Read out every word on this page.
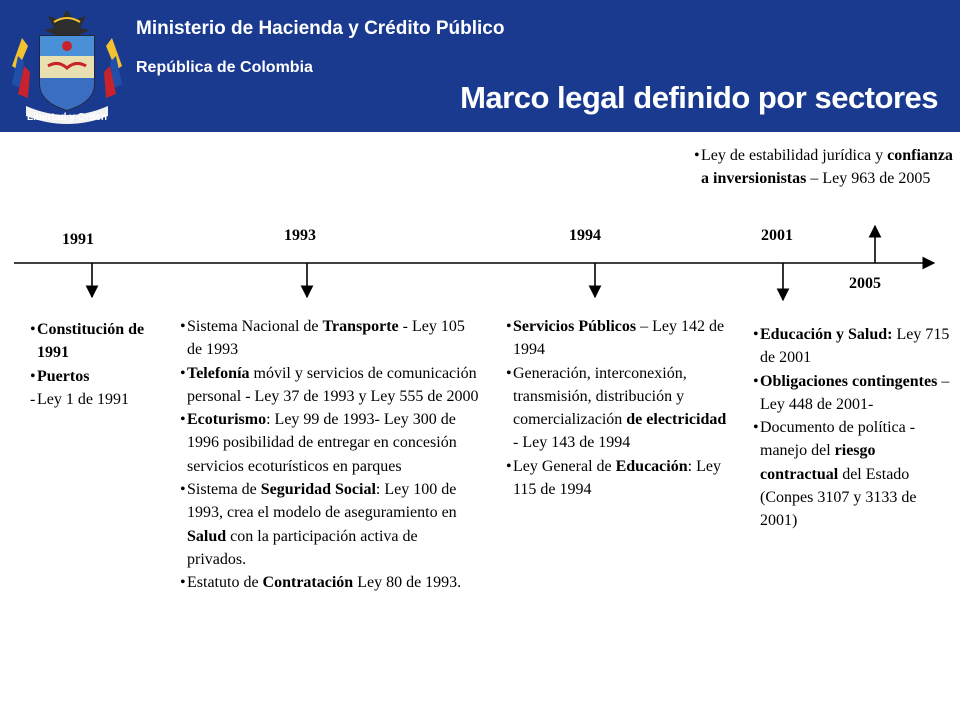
Libertad y Orden
Ministerio de Hacienda y Crédito Público
República de Colombia
Marco legal definido por sectores
1991	1993	1994	2001
2005
• Constitución de 1991
• Puertos
- Ley 1 de 1991
• Sistema Nacional de Transporte - Ley 105 de 1993
• Telefonía móvil y servicios de comunicación personal - Ley 37 de 1993 y Ley 555 de 2000
• Ecoturismo: Ley 99 de 1993- Ley 300 de 1996 posibilidad de entregar en concesión servicios ecoturísticos en parques
• Sistema de Seguridad Social: Ley 100 de 1993, crea el modelo de aseguramiento en Salud con la participación activa de privados.
• Estatuto de Contratación Ley 80 de 1993.
• Servicios Públicos – Ley 142 de 1994
• Generación, interconexión, transmisión, distribución y comercialización de electricidad - Ley 143 de 1994
• Ley General de Educación: Ley 115 de 1994
• Educación y Salud: Ley 715 de 2001
• Obligaciones contingentes – Ley 448 de 2001-
• Documento de política - manejo del riesgo contractual del Estado (Conpes 3107 y 3133 de 2001)
• Ley de estabilidad jurídica y confianza a inversionistas – Ley 963 de 2005
